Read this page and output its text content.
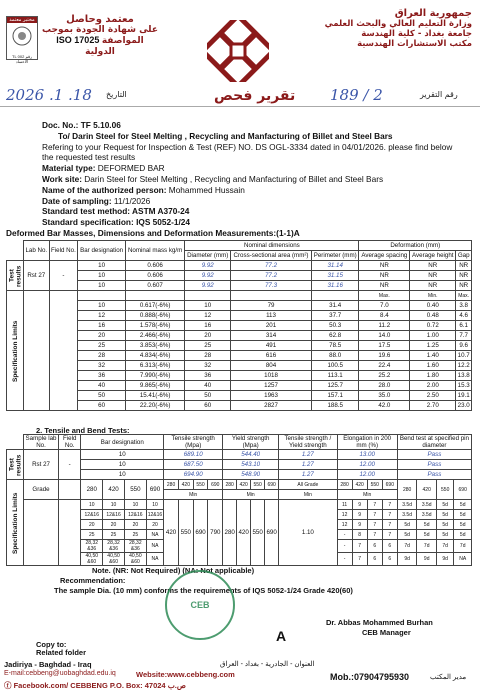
مختبر معتمد
TL 002 رقم الاعتماد
معتمد وحاصل
على شهادة الجودة بموجب
ISO 17025 المواصفة الدولية
جمهورية العراق
وزارة التعليم العالي والبحث العلمي
جامعة بغداد - كلية الهندسة
مكتب الاستشارات الهندسية
2026 .1 .18 التاريخ	تقرير فحص 189 / 2	رقم التقرير

Doc. No.: TF 5.10.06

To/ Darin Steel for Steel Melting , Recycling and Manfacturing of Billet and Steel Bars

Refering to your Request for Inspection & Test (REF) NO. DS OGL-3334 dated in 04/01/2026. please find below the requested test results

Material type: DEFORMED BAR

Work site: Darin Steel for Steel Melting , Recycling and Manfacturing of Billet and Steel Bars

Name of the authorized person: Mohammed Hussain

Date of sampling: 11/1/2026

Standard test method: ASTM A370-24

Standard specification: IQS 5052-1/24

Deformed Bar Masses, Dimensions and Deformation Measurements:(1-1)A

	Lab No.	Field No.	Bar designation	Nominal mass kg/m	Nominal dimensions			Deformation (mm)		
					Diameter (mm)	Cross-sectional area (mm²)	Perimeter (mm)	Average spacing	Average height	Gap
Test results	Rst 27	-	10	0.606	9.92	77.2	31.14	NR	NR	NR
			10	0.606	9.92	77.2	31.15	NR	NR	NR
			10	0.607	9.92	77.3	31.16	NR	NR	NR
Specification Limits								Max.	Min.	Max.
			10	0.617(-6%)	10	79	31.4	7.0	0.40	3.8
			12	0.888(-6%)	12	113	37.7	8.4	0.48	4.6
			16	1.578(-6%)	16	201	50.3	11.2	0.72	6.1
			20	2.466(-6%)	20	314	62.8	14.0	1.00	7.7
			25	3.853(-6%)	25	491	78.5	17.5	1.25	9.6
			28	4.834(-6%)	28	616	88.0	19.6	1.40	10.7
			32	6.313(-6%)	32	804	100.5	22.4	1.60	12.2
			36	7.990(-6%)	36	1018	113.1	25.2	1.80	13.8
			40	9.865(-6%)	40	1257	125.7	28.0	2.00	15.3
			50	15.41(-6%)	50	1963	157.1	35.0	2.50	19.1
			60	22.20(-6%)	60	2827	188.5	42.0	2.70	23.0
2. Tensile and Bend Tests:
	Sample lab No.	Field No.	Bar designation				Tensile strength (Mpa)				Yield strength (Mpa)				Tensile strength / Yield strength	Elongation in 200 mm (%)				Bend test at specified pin diameter			
Test results	Rst 27	-	10				689.10				544.40				1.27	13.00				Pass			
			10				687.50				543.10				1.27	12.00				Pass			
			10				694.90				548.90				1.27	12.00				Pass			
Specification Limits	Grade		280	420	550	690	280	420	550	690	280	420	550	690	All Grade	280	420	550	690	280	420	550	690
							Min				Min				Min	Min							
			10	10	10	10	420	550	690	790	280	420	550	690	1.10	11	9	7	7	3.5d	3.5d	5d	5d
			12&16	12&16	12&16	12&16										12	9	7	7	3.5d	3.5d	5d	5d
			20	20	20	20										12	9	7	7	5d	5d	5d	5d
			25	25	25	NA										-	8	7	7	5d	5d	5d	5d
			28,32 &36	28,32 &36	28,32 &36	NA										-	7	6	6	7d	7d	7d	7d
			40,50 &60	40,50 &60	40,50 &60	NA										-	7	6	6	9d	9d	9d	NA
Note. (NR: Not Required) (NA: Not applicable)
Recommendation:
The sample Dia. (10 mm) conforms the requirements of IQS 5052-1/24 Grade 420(60)
CEB
Dr. Abbas Mohammed Burhan
CEB Manager
A
Copy to:
Related folder
Jadiriya - Baghdad - Iraq	العنوان - الجادرية - بغداد - العراق
E-mail:cebbeng@uobaghdad.edu.iq	Website:www.cebbeng.com
ⓕ Facebook.com/ CEBBENG P.O. Box: 47024 ص.ب
Mob.:07904795930	مدير المكتب
